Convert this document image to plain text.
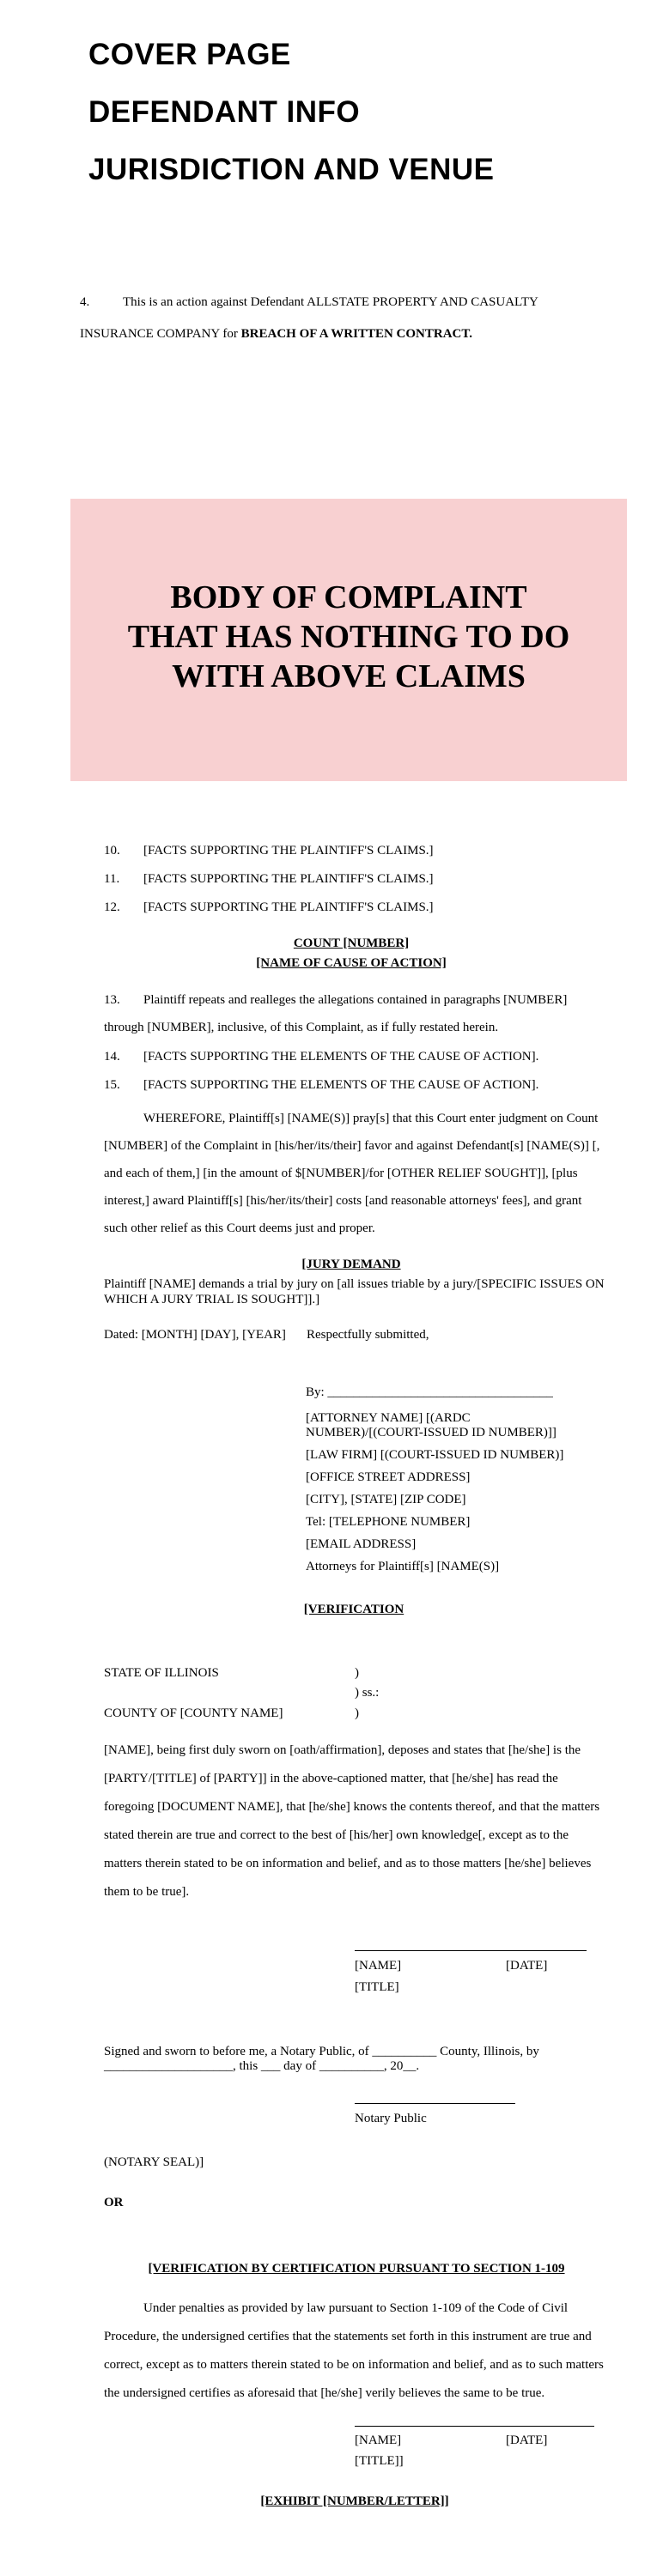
COVER PAGE
DEFENDANT INFO
JURISDICTION AND VENUE
4.	This is an action against Defendant ALLSTATE PROPERTY AND CASUALTY
INSURANCE COMPANY for BREACH OF A WRITTEN CONTRACT.
BODY OF COMPLAINT
THAT HAS NOTHING TO DO
WITH ABOVE CLAIMS
10. [FACTS SUPPORTING THE PLAINTIFF'S CLAIMS.]
11. [FACTS SUPPORTING THE PLAINTIFF'S CLAIMS.]
12. [FACTS SUPPORTING THE PLAINTIFF'S CLAIMS.]
COUNT [NUMBER]
[NAME OF CAUSE OF ACTION]
13. Plaintiff repeats and realleges the allegations contained in paragraphs [NUMBER]
through [NUMBER], inclusive, of this Complaint, as if fully restated herein.
14. [FACTS SUPPORTING THE ELEMENTS OF THE CAUSE OF ACTION].
15. [FACTS SUPPORTING THE ELEMENTS OF THE CAUSE OF ACTION].
WHEREFORE, Plaintiff[s] [NAME(S)] pray[s] that this Court enter judgment on Count
[NUMBER] of the Complaint in [his/her/its/their] favor and against Defendant[s] [NAME(S)] [,
and each of them,] [in the amount of $[NUMBER]/for [OTHER RELIEF SOUGHT]], [plus
interest,] award Plaintiff[s] [his/her/its/their] costs [and reasonable attorneys' fees], and grant
such other relief as this Court deems just and proper.
[JURY DEMAND
Plaintiff [NAME] demands a trial by jury on [all issues triable by a jury/[SPECIFIC ISSUES ON
WHICH A JURY TRIAL IS SOUGHT]].]
Dated: [MONTH] [DAY], [YEAR] Respectfully submitted,
By: ___________________________________
[ATTORNEY NAME] [(ARDC
NUMBER)/[(COURT-ISSUED ID NUMBER)]]
[LAW FIRM] [(COURT-ISSUED ID NUMBER)]
[OFFICE STREET ADDRESS]
[CITY], [STATE] [ZIP CODE]
Tel: [TELEPHONE NUMBER]
[EMAIL ADDRESS]
Attorneys for Plaintiff[s] [NAME(S)]
[VERIFICATION
STATE OF ILLINOIS	)
) ss.:
COUNTY OF [COUNTY NAME]	)
[NAME], being first duly sworn on [oath/affirmation], deposes and states that [he/she] is the
[PARTY/[TITLE] of [PARTY]] in the above-captioned matter, that [he/she] has read the
foregoing [DOCUMENT NAME], that [he/she] knows the contents thereof, and that the matters
stated therein are true and correct to the best of [his/her] own knowledge[, except as to the
matters therein stated to be on information and belief, and as to those matters [he/she] believes
them to be true].
[NAME]	[DATE]
[TITLE]
Signed and sworn to before me, a Notary Public, of __________ County, Illinois, by
____________________, this ___ day of __________, 20__.
Notary Public
(NOTARY SEAL)]
OR
[VERIFICATION BY CERTIFICATION PURSUANT TO SECTION 1-109
Under penalties as provided by law pursuant to Section 1-109 of the Code of Civil
Procedure, the undersigned certifies that the statements set forth in this instrument are true and
correct, except as to matters therein stated to be on information and belief, and as to such matters
the undersigned certifies as aforesaid that [he/she] verily believes the same to be true.
[NAME]	[DATE]
[TITLE]]
[EXHIBIT [NUMBER/LETTER]]
